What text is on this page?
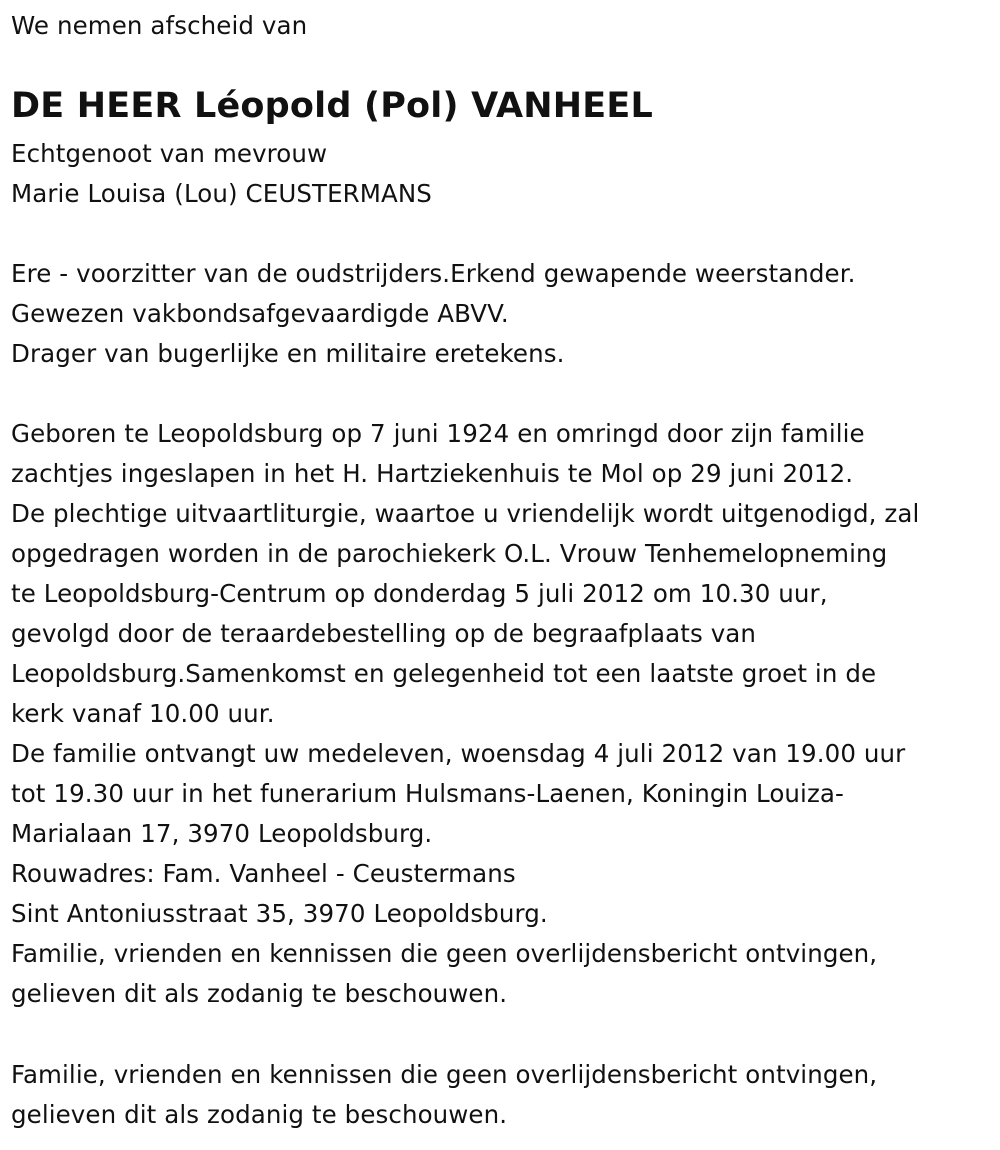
We nemen afscheid van
DE HEER Léopold (Pol) VANHEEL
Echtgenoot van mevrouw
Marie Louisa (Lou) CEUSTERMANS
Ere - voorzitter van de oudstrijders.Erkend gewapende weerstander.
Gewezen vakbondsafgevaardigde ABVV.
Drager van bugerlijke en militaire eretekens.
Geboren te Leopoldsburg op 7 juni 1924 en omringd door zijn familie
zachtjes ingeslapen in het H. Hartziekenhuis te Mol op 29 juni 2012.
De plechtige uitvaartliturgie, waartoe u vriendelijk wordt uitgenodigd, zal
opgedragen worden in de parochiekerk O.L. Vrouw Tenhemelopneming
te Leopoldsburg-Centrum op donderdag 5 juli 2012 om 10.30 uur,
gevolgd door de teraardebestelling op de begraafplaats van
Leopoldsburg.Samenkomst en gelegenheid tot een laatste groet in de
kerk vanaf 10.00 uur.
De familie ontvangt uw medeleven, woensdag 4 juli 2012 van 19.00 uur
tot 19.30 uur in het funerarium Hulsmans-Laenen, Koningin Louiza-
Marialaan 17, 3970 Leopoldsburg.
Rouwadres: Fam. Vanheel - Ceustermans
Sint Antoniusstraat 35, 3970 Leopoldsburg.
Familie, vrienden en kennissen die geen overlijdensbericht ontvingen,
gelieven dit als zodanig te beschouwen.
Familie, vrienden en kennissen die geen overlijdensbericht ontvingen,
gelieven dit als zodanig te beschouwen.
